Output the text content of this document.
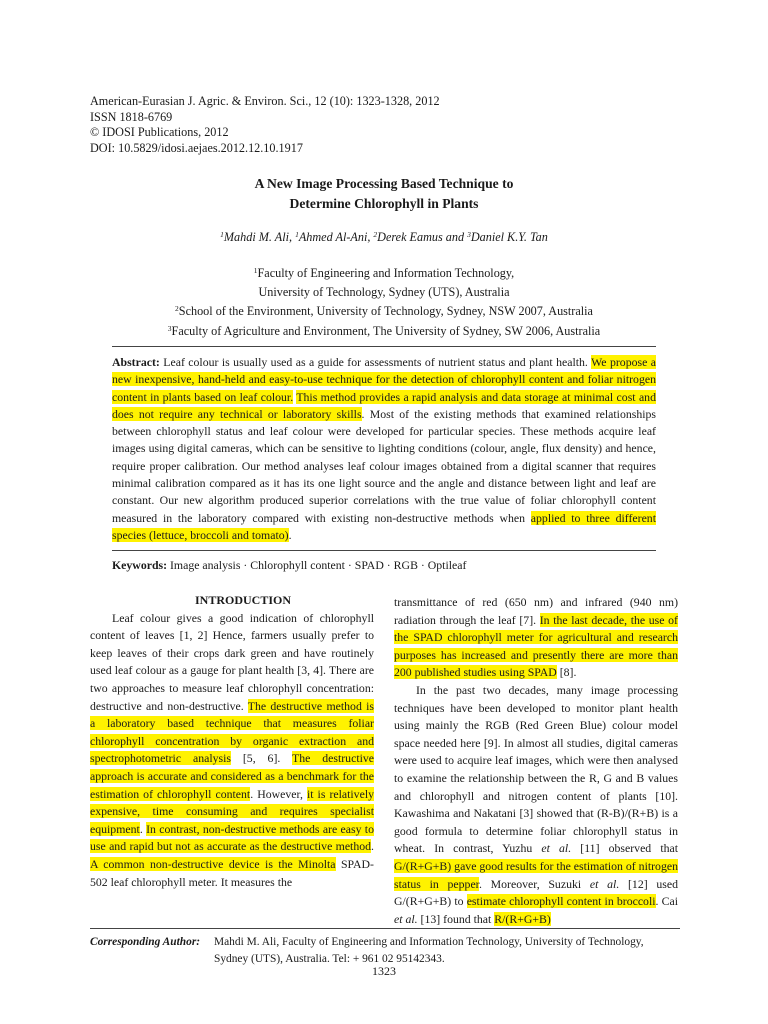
American-Eurasian J. Agric. & Environ. Sci., 12 (10): 1323-1328, 2012
ISSN 1818-6769
© IDOSI Publications, 2012
DOI: 10.5829/idosi.aejaes.2012.12.10.1917
A New Image Processing Based Technique to
Determine Chlorophyll in Plants
$^1$Mahdi M. Ali, $^1$Ahmed Al-Ani, $^2$Derek Eamus and $^3$Daniel K.Y. Tan
$^1$Faculty of Engineering and Information Technology,
University of Technology, Sydney (UTS), Australia
$^2$School of the Environment, University of Technology, Sydney, NSW 2007, Australia
$^3$Faculty of Agriculture and Environment, The University of Sydney, SW 2006, Australia
Abstract: Leaf colour is usually used as a guide for assessments of nutrient status and plant health. We propose a new inexpensive, hand-held and easy-to-use technique for the detection of chlorophyll content and foliar nitrogen content in plants based on leaf colour. This method provides a rapid analysis and data storage at minimal cost and does not require any technical or laboratory skills. Most of the existing methods that examined relationships between chlorophyll status and leaf colour were developed for particular species. These methods acquire leaf images using digital cameras, which can be sensitive to lighting conditions (colour, angle, flux density) and hence, require proper calibration. Our method analyses leaf colour images obtained from a digital scanner that requires minimal calibration compared as it has its one light source and the angle and distance between light and leaf are constant. Our new algorithm produced superior correlations with the true value of foliar chlorophyll content measured in the laboratory compared with existing non-destructive methods when applied to three different species (lettuce, broccoli and tomato).
Keywords: Image analysis · Chlorophyll content · SPAD · RGB · Optileaf

INTRODUCTION

Leaf colour gives a good indication of chlorophyll content of leaves [1, 2] Hence, farmers usually prefer to keep leaves of their crops dark green and have routinely used leaf colour as a gauge for plant health [3, 4]. There are two approaches to measure leaf chlorophyll concentration: destructive and non-destructive. The destructive method is a laboratory based technique that measures foliar chlorophyll concentration by organic extraction and spectrophotometric analysis [5, 6]. The destructive approach is accurate and considered as a benchmark for the estimation of chlorophyll content. However, it is relatively expensive, time consuming and requires specialist equipment. In contrast, non-destructive methods are easy to use and rapid but not as accurate as the destructive method. A common non-destructive device is the Minolta SPAD-502 leaf chlorophyll meter. It measures the

transmittance of red (650 nm) and infrared (940 nm) radiation through the leaf [7]. In the last decade, the use of the SPAD chlorophyll meter for agricultural and research purposes has increased and presently there are more than 200 published studies using SPAD [8].

In the past two decades, many image processing techniques have been developed to monitor plant health using mainly the RGB (Red Green Blue) colour model space needed here [9]. In almost all studies, digital cameras were used to acquire leaf images, which were then analysed to examine the relationship between the R, G and B values and chlorophyll and nitrogen content of plants [10]. Kawashima and Nakatani [3] showed that (R-B)/(R+B) is a good formula to determine foliar chlorophyll status in wheat. In contrast, Yuzhu et al. [11] observed that G/(R+G+B) gave good results for the estimation of nitrogen status in pepper. Moreover, Suzuki et al. [12] used G/(R+G+B) to estimate chlorophyll content in broccoli. Cai et al. [13] found that R/(R+G+B)

Corresponding Author: Mahdi M. Ali, Faculty of Engineering and Information Technology, University of Technology,
Sydney (UTS), Australia. Tel: + 961 02 95142343.
1323
